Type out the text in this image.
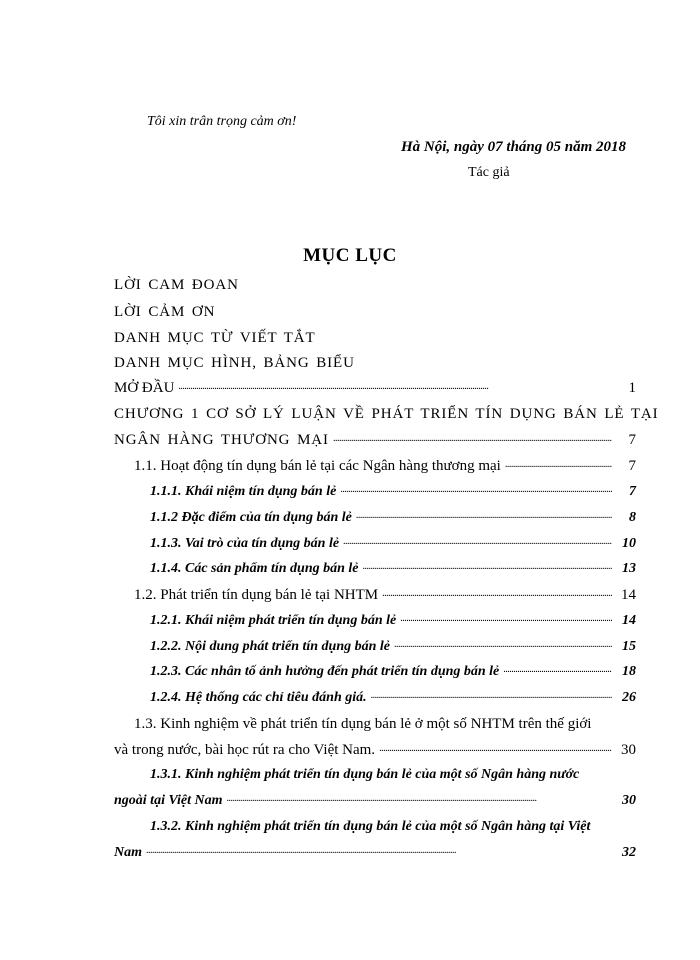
Tôi xin trân trọng cảm ơn!
Hà Nội, ngày 07 tháng 05 năm 2018
Tác giả
MỤC LỤC
LỜI CAM ĐOAN
LỜI CẢM ƠN
DANH MỤC TỪ VIẾT TẮT
DANH MỤC HÌNH, BẢNG BIỂU
MỞ ĐẦU . . .	1
CHƯƠNG 1 CƠ SỞ LÝ LUẬN VỀ PHÁT TRIỂN TÍN DỤNG BÁN LẺ TẠI
NGÂN HÀNG THƯƠNG MẠI . . .	7
1.1. Hoạt động tín dụng bán lẻ tại các Ngân hàng thương mại . . .	7
1.1.1. Khái niệm tín dụng bán lẻ . . .	7
1.1.2 Đặc điểm của tín dụng bán lẻ . . .	8
1.1.3. Vai trò của tín dụng bán lẻ . . .	10
1.1.4. Các sản phẩm tín dụng bán lẻ . . .	13
1.2. Phát triển tín dụng bán lẻ tại NHTM . . .	14
1.2.1. Khái niệm phát triển tín dụng bán lẻ . . .	14
1.2.2. Nội dung phát triển tín dụng bán lẻ . . .	15
1.2.3. Các nhân tố ảnh hưởng đến phát triển tín dụng bán lẻ . . .	18
1.2.4. Hệ thống các chỉ tiêu đánh giá. . . .	26
1.3. Kinh nghiệm về phát triển tín dụng bán lẻ ở một số NHTM trên thế giới
và trong nước, bài học rút ra cho Việt Nam. . . .	30
1.3.1. Kinh nghiệm phát triển tín dụng bán lẻ của một số Ngân hàng nước
ngoài tại Việt Nam . . .	30
1.3.2. Kinh nghiệm phát triển tín dụng bán lẻ của một số Ngân hàng tại Việt
Nam . . .	32
